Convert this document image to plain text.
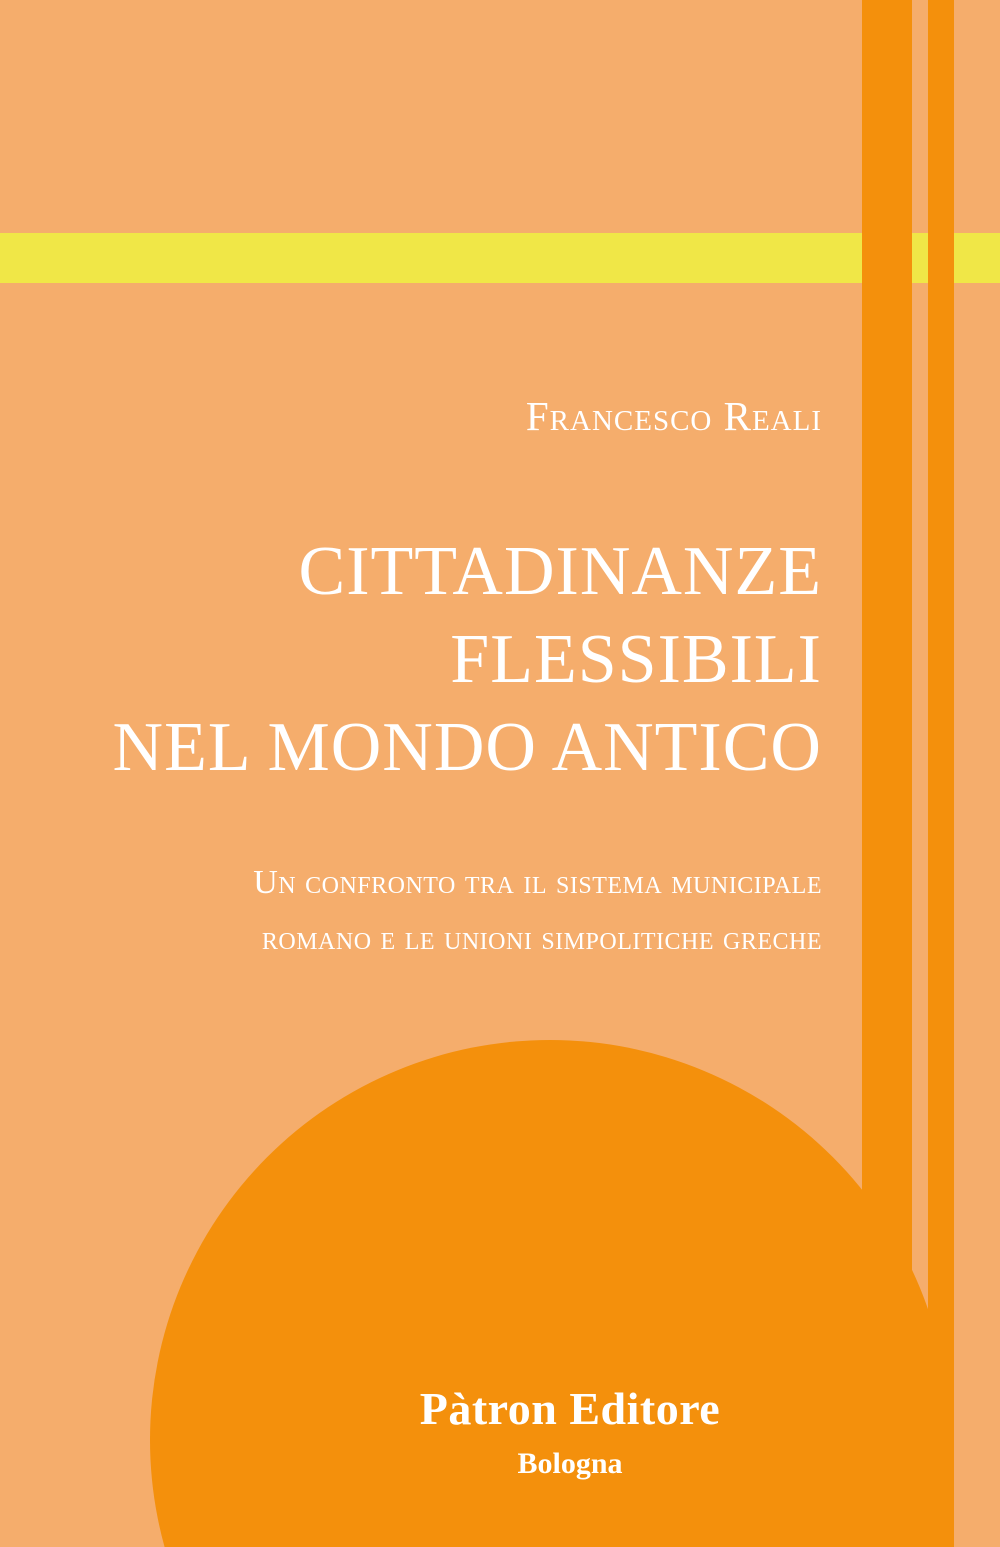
Francesco Reali
CITTADINANZE
FLESSIBILI
NEL MONDO ANTICO
Un confronto tra il sistema municipale
romano e le unioni simpolitiche greche
Pàtron Editore
Bologna
